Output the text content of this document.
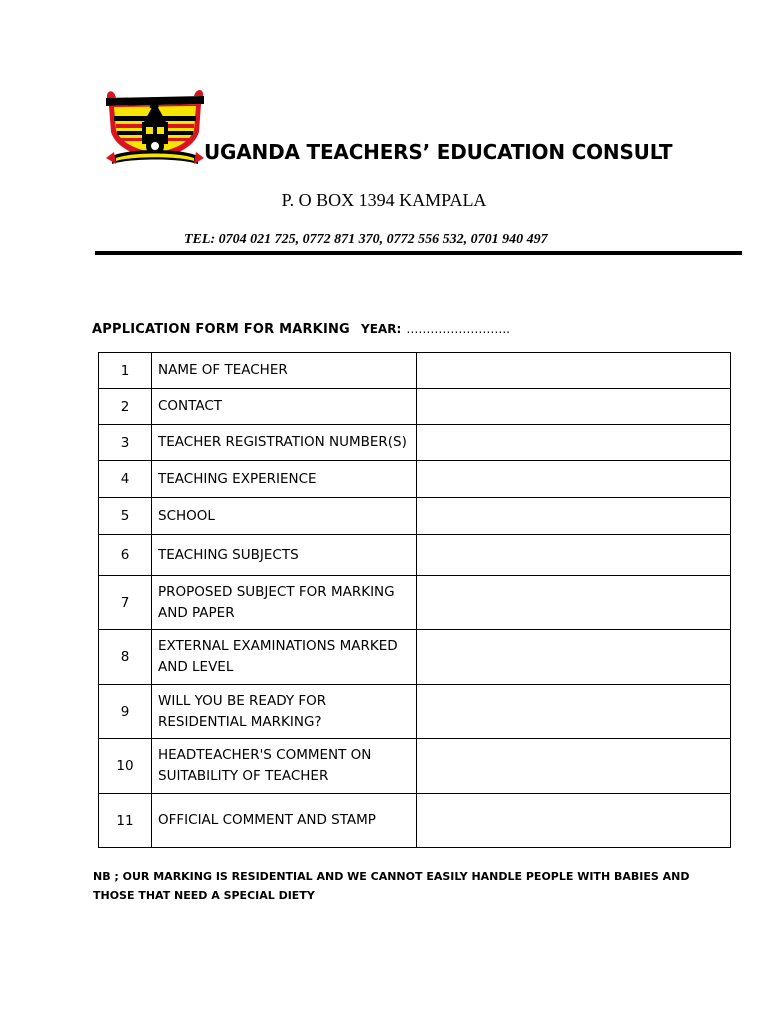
UGANDA TEACHERS’ EDUCATION CONSULT
P. O BOX 1394 KAMPALA
TEL: 0704 021 725, 0772 871 370, 0772 556 532, 0701 940 497
APPLICATION FORM FOR MARKING YEAR: ……………………..
1	NAME OF TEACHER	
2	CONTACT	
3	TEACHER REGISTRATION NUMBER(S)	
4	TEACHING EXPERIENCE	
5	SCHOOL	
6	TEACHING SUBJECTS	
7	PROPOSED SUBJECT FOR MARKING AND PAPER	
8	EXTERNAL EXAMINATIONS MARKED AND LEVEL	
9	WILL YOU BE READY FOR RESIDENTIAL MARKING?	
10	HEADTEACHER'S COMMENT ON SUITABILITY OF TEACHER	
11	OFFICIAL COMMENT AND STAMP	
NB ; OUR MARKING IS RESIDENTIAL AND WE CANNOT EASILY HANDLE PEOPLE WITH BABIES AND THOSE THAT NEED A SPECIAL DIETY
